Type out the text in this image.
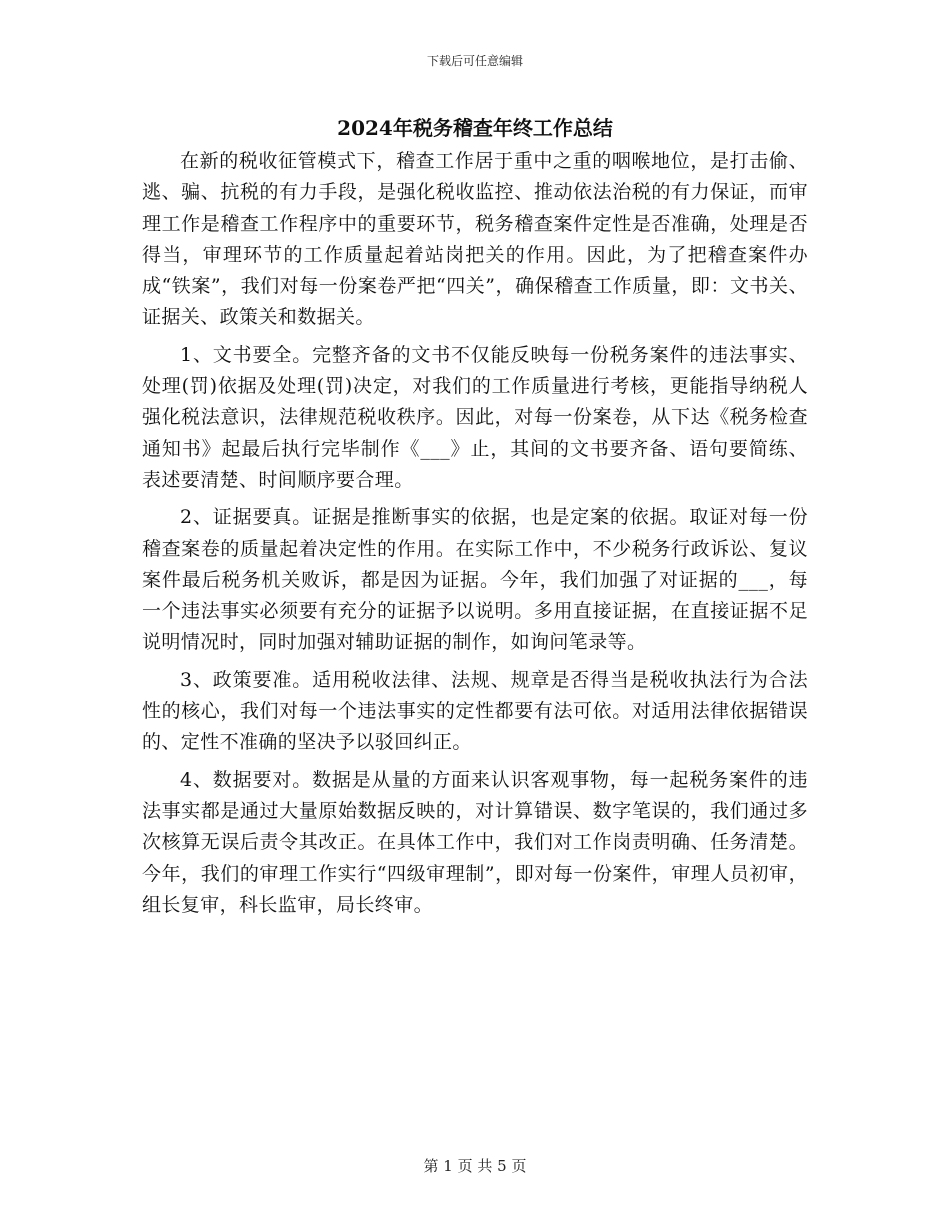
下载后可任意编辑
2024年税务稽查年终工作总结

在新的税收征管模式下，稽查工作居于重中之重的咽喉地位，是打击偷、逃、骗、抗税的有力手段，是强化税收监控、推动依法治税的有力保证，而审理工作是稽查工作程序中的重要环节，税务稽查案件定性是否准确，处理是否得当，审理环节的工作质量起着站岗把关的作用。因此，为了把稽查案件办成“铁案”，我们对每一份案卷严把“四关”，确保稽查工作质量，即：文书关、证据关、政策关和数据关。

1、文书要全。完整齐备的文书不仅能反映每一份税务案件的违法事实、处理(罚)依据及处理(罚)决定，对我们的工作质量进行考核，更能指导纳税人强化税法意识，法律规范税收秩序。因此，对每一份案卷，从下达《税务检查通知书》起最后执行完毕制作《___》止，其间的文书要齐备、语句要简练、表述要清楚、时间顺序要合理。

2、证据要真。证据是推断事实的依据，也是定案的依据。取证对每一份稽查案卷的质量起着决定性的作用。在实际工作中，不少税务行政诉讼、复议案件最后税务机关败诉，都是因为证据。今年，我们加强了对证据的___，每一个违法事实必须要有充分的证据予以说明。多用直接证据，在直接证据不足说明情况时，同时加强对辅助证据的制作，如询问笔录等。

3、政策要准。适用税收法律、法规、规章是否得当是税收执法行为合法性的核心，我们对每一个违法事实的定性都要有法可依。对适用法律依据错误的、定性不准确的坚决予以驳回纠正。

4、数据要对。数据是从量的方面来认识客观事物，每一起税务案件的违法事实都是通过大量原始数据反映的，对计算错误、数字笔误的，我们通过多次核算无误后责令其改正。在具体工作中，我们对工作岗责明确、任务清楚。今年，我们的审理工作实行“四级审理制”，即对每一份案件，审理人员初审，组长复审，科长监审，局长终审。

第 1 页 共 5 页
